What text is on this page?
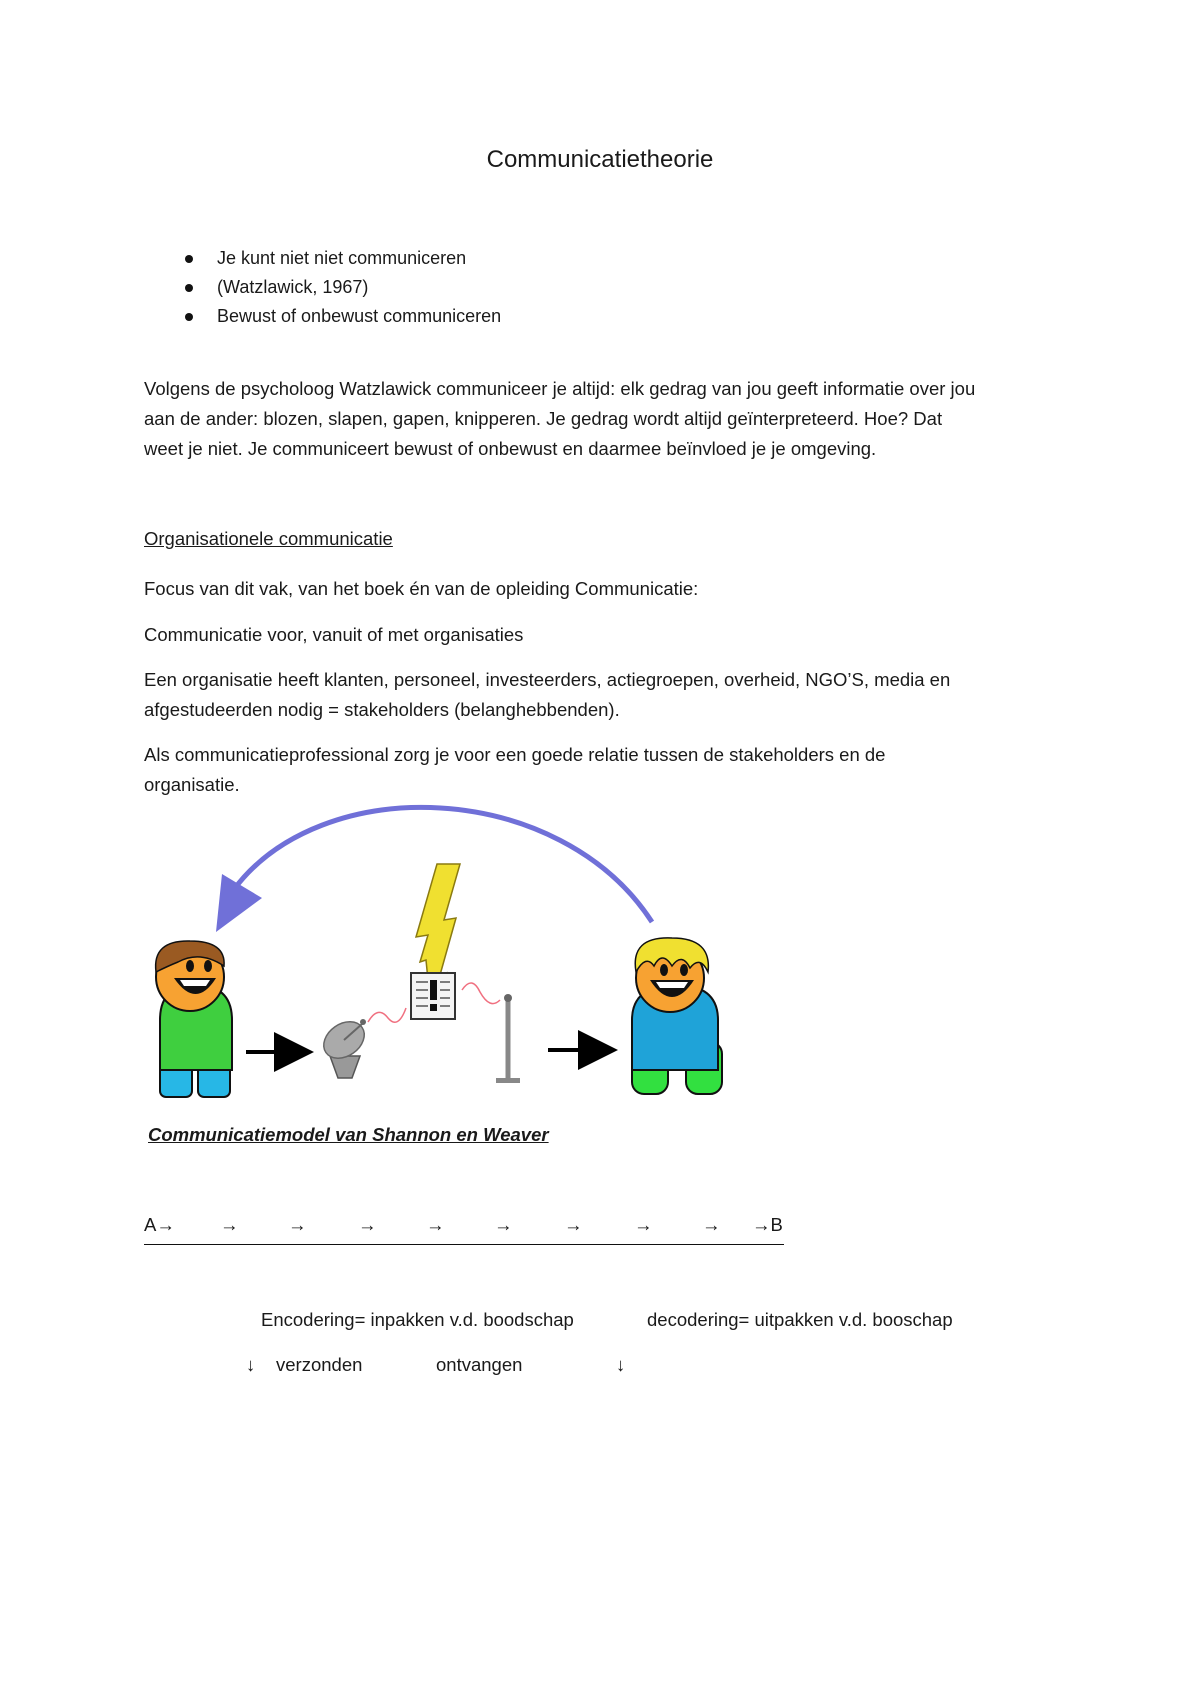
Communicatietheorie
Je kunt niet niet communiceren
(Watzlawick, 1967)
Bewust of onbewust communiceren
Volgens de psycholoog Watzlawick communiceer je altijd: elk gedrag van jou geeft informatie over jou
aan de ander: blozen, slapen, gapen, knipperen. Je gedrag wordt altijd geïnterpreteerd. Hoe? Dat
weet je niet. Je communiceert bewust of onbewust en daarmee beïnvloed je je omgeving.
Organisationele communicatie
Focus van dit vak, van het boek én van de opleiding Communicatie:
Communicatie voor, vanuit of met organisaties
Een organisatie heeft klanten, personeel, investeerders, actiegroepen, overheid, NGO’S, media en
afgestudeerden nodig = stakeholders (belanghebbenden).
Als communicatieprofessional zorg je voor een goede relatie tussen de stakeholders en de
organisatie.
Communicatiemodel van Shannon en Weaver
A→ →	→	→	→	→	→	→	→ →B
Encodering= inpakken v.d. boodschap	decodering= uitpakken v.d. booschap
↓ verzonden	ontvangen	↓
